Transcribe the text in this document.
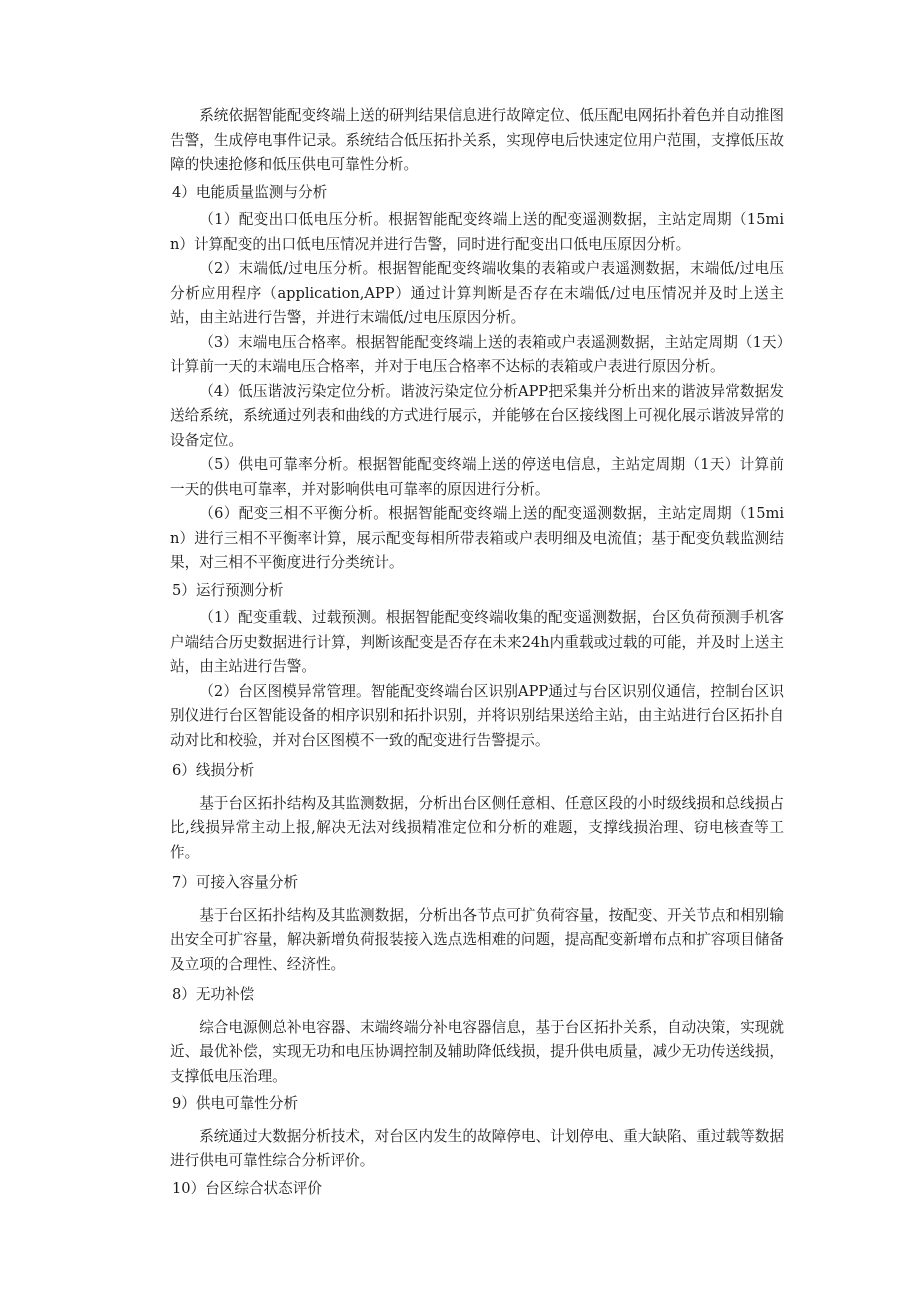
系统依据智能配变终端上送的研判结果信息进行故障定位、低压配电网拓扑着色并自动推图告警，生成停电事件记录。系统结合低压拓扑关系，实现停电后快速定位用户范围，支撑低压故障的快速抢修和低压供电可靠性分析。

4）电能质量监测与分析

（1）配变出口低电压分析。根据智能配变终端上送的配变遥测数据，主站定周期（15min）计算配变的出口低电压情况并进行告警，同时进行配变出口低电压原因分析。

（2）末端低/过电压分析。根据智能配变终端收集的表箱或户表遥测数据，末端低/过电压分析应用程序（application,APP）通过计算判断是否存在末端低/过电压情况并及时上送主站，由主站进行告警，并进行末端低/过电压原因分析。

（3）末端电压合格率。根据智能配变终端上送的表箱或户表遥测数据，主站定周期（1天）计算前一天的末端电压合格率，并对于电压合格率不达标的表箱或户表进行原因分析。

（4）低压谐波污染定位分析。谐波污染定位分析APP把采集并分析出来的谐波异常数据发送给系统，系统通过列表和曲线的方式进行展示，并能够在台区接线图上可视化展示谐波异常的设备定位。

（5）供电可靠率分析。根据智能配变终端上送的停送电信息，主站定周期（1天）计算前一天的供电可靠率，并对影响供电可靠率的原因进行分析。

（6）配变三相不平衡分析。根据智能配变终端上送的配变遥测数据，主站定周期（15min）进行三相不平衡率计算，展示配变每相所带表箱或户表明细及电流值；基于配变负载监测结果，对三相不平衡度进行分类统计。

5）运行预测分析

（1）配变重载、过载预测。根据智能配变终端收集的配变遥测数据，台区负荷预测手机客户端结合历史数据进行计算，判断该配变是否存在未来24h内重载或过载的可能，并及时上送主站，由主站进行告警。

（2）台区图模异常管理。智能配变终端台区识别APP通过与台区识别仪通信，控制台区识别仪进行台区智能设备的相序识别和拓扑识别，并将识别结果送给主站，由主站进行台区拓扑自动对比和校验，并对台区图模不一致的配变进行告警提示。

6）线损分析

基于台区拓扑结构及其监测数据，分析出台区侧任意相、任意区段的小时级线损和总线损占比,线损异常主动上报,解决无法对线损精准定位和分析的难题，支撑线损治理、窃电核查等工作。

7）可接入容量分析

基于台区拓扑结构及其监测数据，分析出各节点可扩负荷容量，按配变、开关节点和相别输出安全可扩容量，解决新增负荷报装接入选点选相难的问题，提高配变新增布点和扩容项目储备及立项的合理性、经济性。

8）无功补偿

综合电源侧总补电容器、末端终端分补电容器信息，基于台区拓扑关系，自动决策，实现就近、最优补偿，实现无功和电压协调控制及辅助降低线损，提升供电质量，减少无功传送线损，支撑低电压治理。

9）供电可靠性分析

系统通过大数据分析技术，对台区内发生的故障停电、计划停电、重大缺陷、重过载等数据进行供电可靠性综合分析评价。

10）台区综合状态评价
